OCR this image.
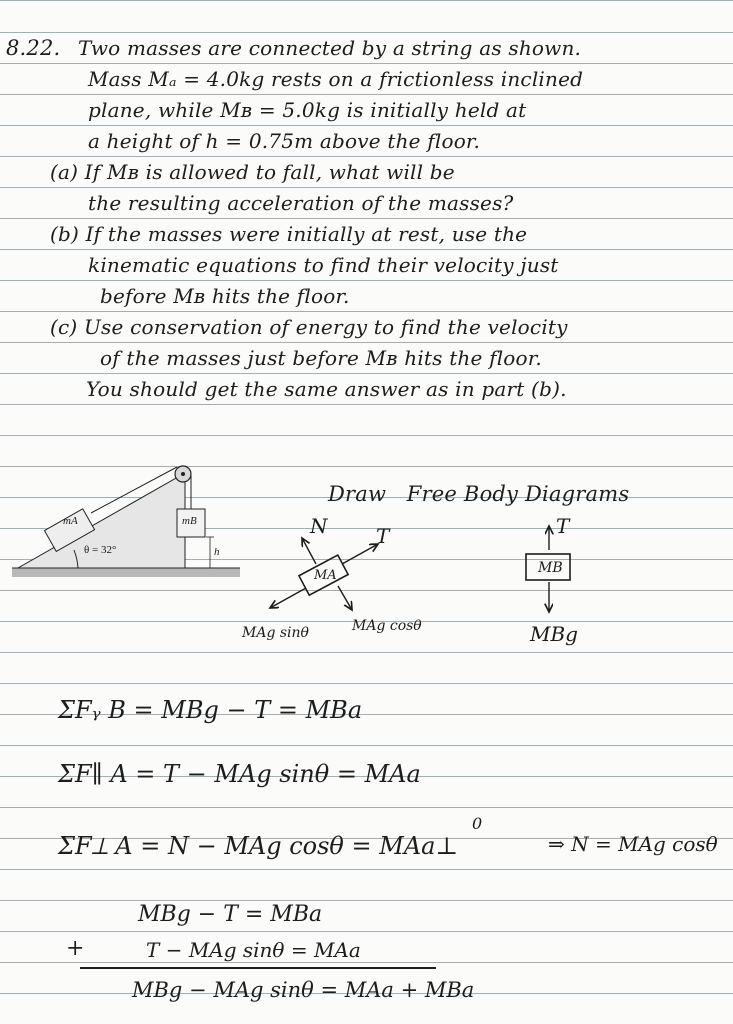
8.22. Two masses are connected by a string as shown.
Mass Mₐ = 4.0kg rests on a frictionless inclined
plane, while Mʙ = 5.0kg is initially held at
a height of h = 0.75m above the floor.
(a) If Mʙ is allowed to fall, what will be
the resulting acceleration of the masses?
(b) If the masses were initially at rest, use the
kinematic equations to find their velocity just
before Mʙ hits the floor.
(c) Use conservation of energy to find the velocity
of the masses just before Mʙ hits the floor.
You should get the same answer as in part (b).
mA	mB
θ = 32°	h
Draw   Free Body Diagrams
MA
N T
MAg sinθ	MAg cosθ
T
MB
MBg
ΣFᵧ B = MBg − T = MBa
ΣF∥ A = T − MAg sinθ = MAa
ΣF⟂ A = N − MAg cosθ = MAa⊥
0
⇒ N = MAg cosθ
MBg − T = MBa
+	T − MAg sinθ = MAa
MBg − MAg sinθ = MAa + MBa
